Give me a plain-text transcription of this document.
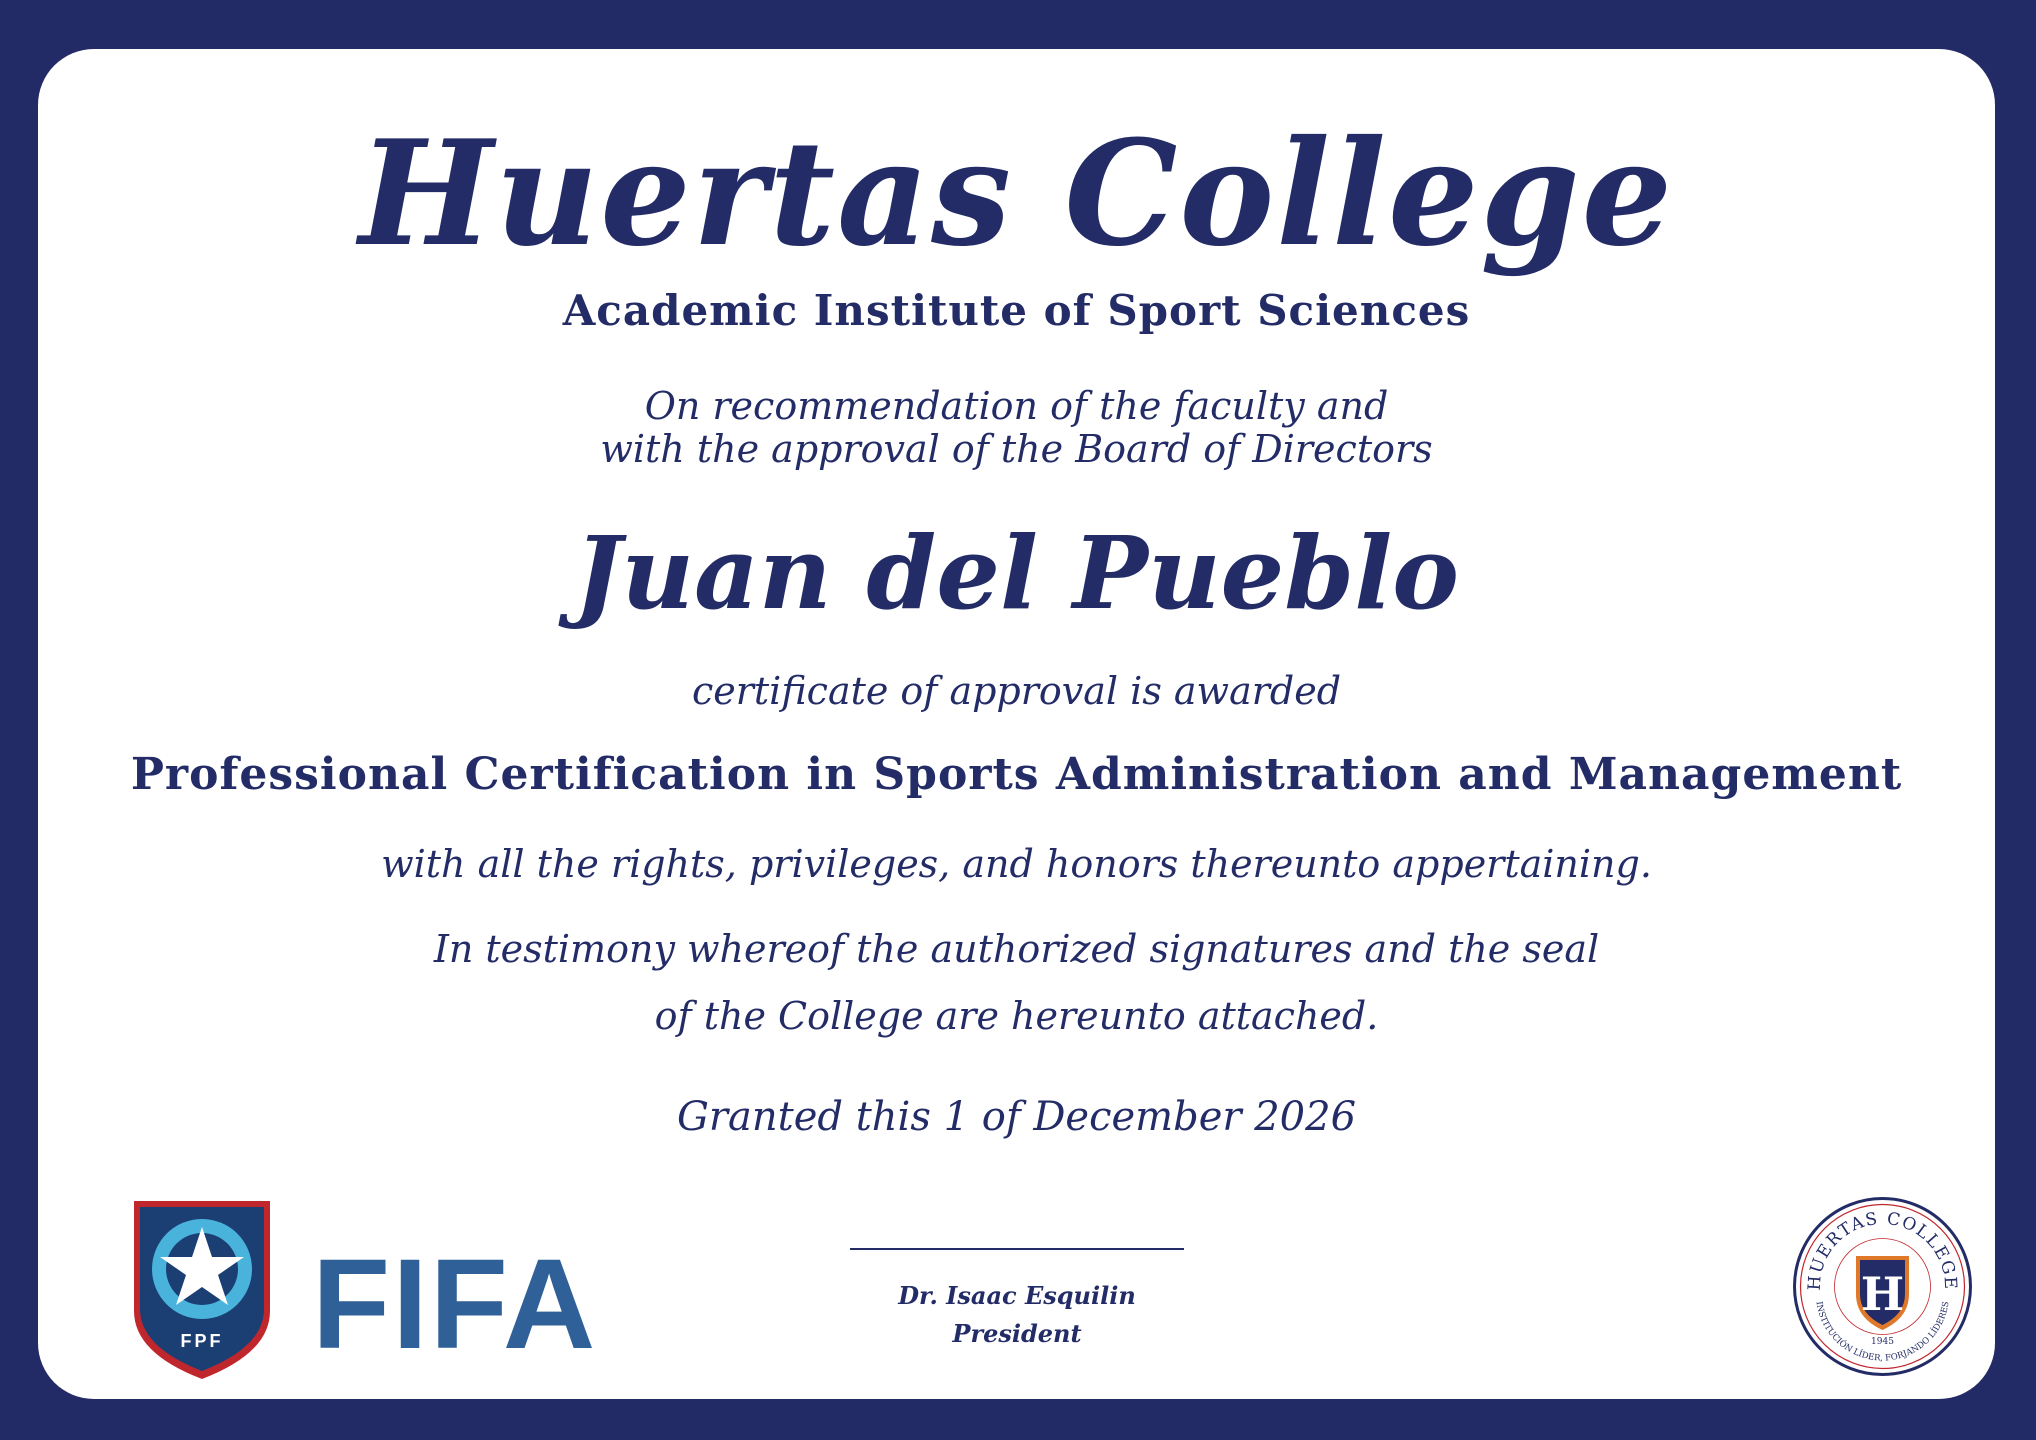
Huertas College
Academic Institute of Sport Sciences
On recommendation of the faculty and
with the approval of the Board of Directors
Juan del Pueblo
certificate of approval is awarded
Professional Certification in Sports Administration and Management
with all the rights, privileges, and honors thereunto appertaining.
In testimony whereof the authorized signatures and the seal
of the College are hereunto attached.
Granted this 1 of December 2026
Dr. Isaac Esquilin
President
FPF FIFA	HUERTAS COLLEGE
INSTITUCIÓN LÍDER, FORJANDO LÍDERES
H
1945
